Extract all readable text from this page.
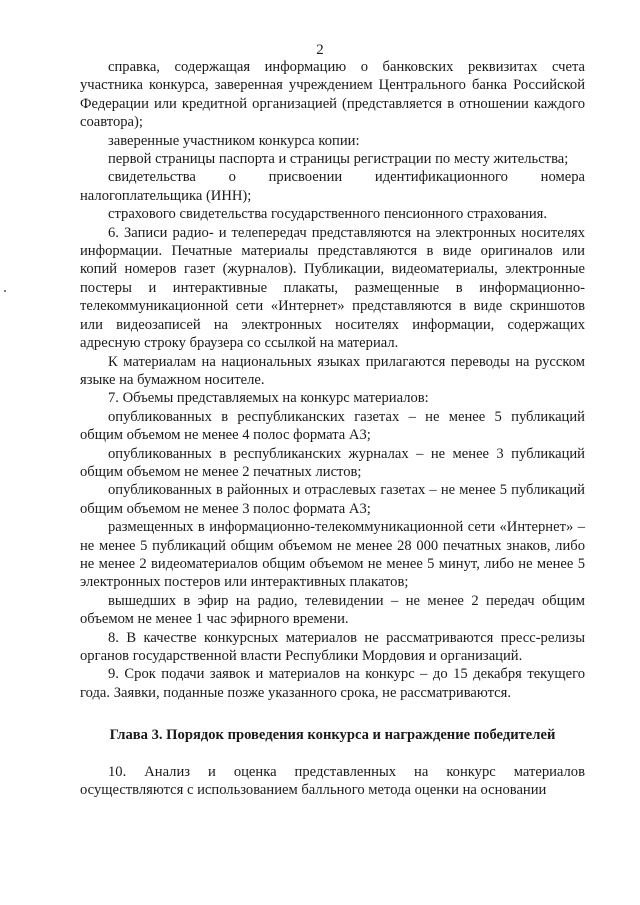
2

справка, содержащая информацию о банковских реквизитах счета участника конкурса, заверенная учреждением Центрального банка Российской Федерации или кредитной организацией (представляется в отношении каждого соавтора);

заверенные участником конкурса копии:

первой страницы паспорта и страницы регистрации по месту жительства;

свидетельства о присвоении идентификационного номера налогоплательщика (ИНН);

страхового свидетельства государственного пенсионного страхования.

6. Записи радио- и телепередач представляются на электронных носителях информации. Печатные материалы представляются в виде оригиналов или копий номеров газет (журналов). Публикации, видеоматериалы, электронные постеры и интерактивные плакаты, размещенные в информационно-телекоммуникационной сети «Интернет» представляются в виде скриншотов или видеозаписей на электронных носителях информации, содержащих адресную строку браузера со ссылкой на материал.

К материалам на национальных языках прилагаются переводы на русском языке на бумажном носителе.

7. Объемы представляемых на конкурс материалов:

опубликованных в республиканских газетах – не менее 5 публикаций общим объемом не менее 4 полос формата А3;

опубликованных в республиканских журналах – не менее 3 публикаций общим объемом не менее 2 печатных листов;

опубликованных в районных и отраслевых газетах – не менее 5 публикаций общим объемом не менее 3 полос формата А3;

размещенных в информационно-телекоммуникационной сети «Интернет» – не менее 5 публикаций общим объемом не менее 28 000 печатных знаков, либо не менее 2 видеоматериалов общим объемом не менее 5 минут, либо не менее 5 электронных постеров или интерактивных плакатов;

вышедших в эфир на радио, телевидении – не менее 2 передач общим объемом не менее 1 час эфирного времени.

8. В качестве конкурсных материалов не рассматриваются пресс-релизы органов государственной власти Республики Мордовия и организаций.

9. Срок подачи заявок и материалов на конкурс – до 15 декабря текущего года. Заявки, поданные позже указанного срока, не рассматриваются.

Глава 3. Порядок проведения конкурса и награждение победителей

10. Анализ и оценка представленных на конкурс материалов осуществляются с использованием балльного метода оценки на основании
